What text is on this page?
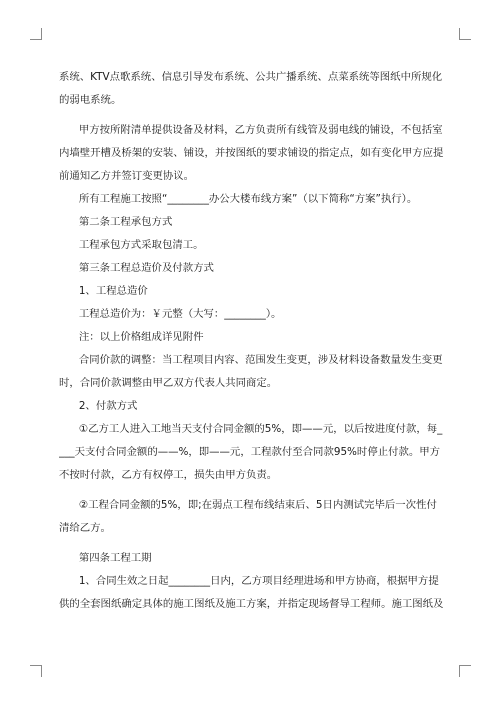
系统、KTV点歌系统、信息引导发布系统、公共广播系统、点菜系统等图纸中所规化
的弱电系统。
甲方按所附清单提供设备及材料，乙方负责所有线管及弱电线的铺设，不包括室
内墙壁开槽及桥架的安装、铺设，并按图纸的要求铺设的指定点，如有变化甲方应提
前通知乙方并签订变更协议。
所有工程施工按照“________办公大楼布线方案”（以下简称“方案”执行）。
第二条工程承包方式
工程承包方式采取包清工。
第三条工程总造价及付款方式
1、工程总造价
工程总造价为：￥元整（大写：________）。
注：以上价格组成详见附件
合同价款的调整：当工程项目内容、范围发生变更，涉及材料设备数量发生变更
时，合同价款调整由甲乙双方代表人共同商定。
2、付款方式
①乙方工人进入工地当天支付合同金额的5%，即——元，以后按进度付款，每_
___天支付合同金额的——%，即——元，工程款付至合同款95%时停止付款。甲方
不按时付款，乙方有权停工，损失由甲方负责。
②工程合同金额的5%，即;在弱点工程布线结束后、5日内测试完毕后一次性付
清给乙方。
第四条工程工期
1、合同生效之日起________日内，乙方项目经理进场和甲方协商，根据甲方提
供的全套图纸确定具体的施工图纸及施工方案，并指定现场督导工程师。施工图纸及
